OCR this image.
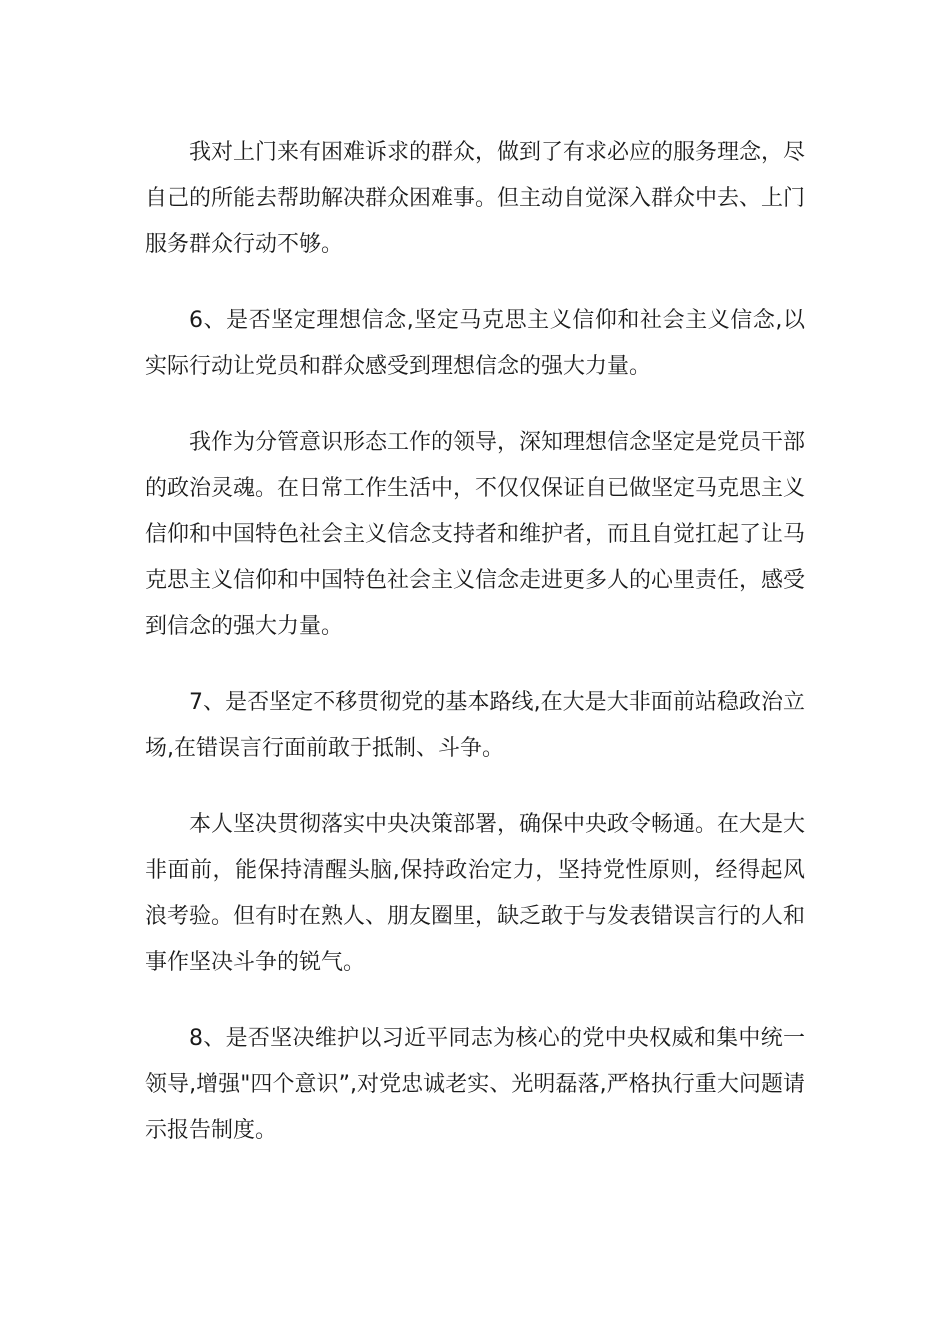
我对上门来有困难诉求的群众，做到了有求必应的服务理念，尽自己的所能去帮助解决群众困难事。但主动自觉深入群众中去、上门服务群众行动不够。

6、是否坚定理想信念,坚定马克思主义信仰和社会主义信念,以实际行动让党员和群众感受到理想信念的强大力量。

我作为分管意识形态工作的领导，深知理想信念坚定是党员干部的政治灵魂。在日常工作生活中，不仅仅保证自已做坚定马克思主义信仰和中国特色社会主义信念支持者和维护者，而且自觉扛起了让马克思主义信仰和中国特色社会主义信念走进更多人的心里责任，感受到信念的强大力量。

7、是否坚定不移贯彻党的基本路线,在大是大非面前站稳政治立场,在错误言行面前敢于抵制、斗争。

本人坚决贯彻落实中央决策部署，确保中央政令畅通。在大是大非面前，能保持清醒头脑,保持政治定力，坚持党性原则，经得起风浪考验。但有时在熟人、朋友圈里，缺乏敢于与发表错误言行的人和事作坚决斗争的锐气。

8、是否坚决维护以习近平同志为核心的党中央权威和集中统一领导,增强"四个意识”,对党忠诚老实、光明磊落,严格执行重大问题请示报告制度。
